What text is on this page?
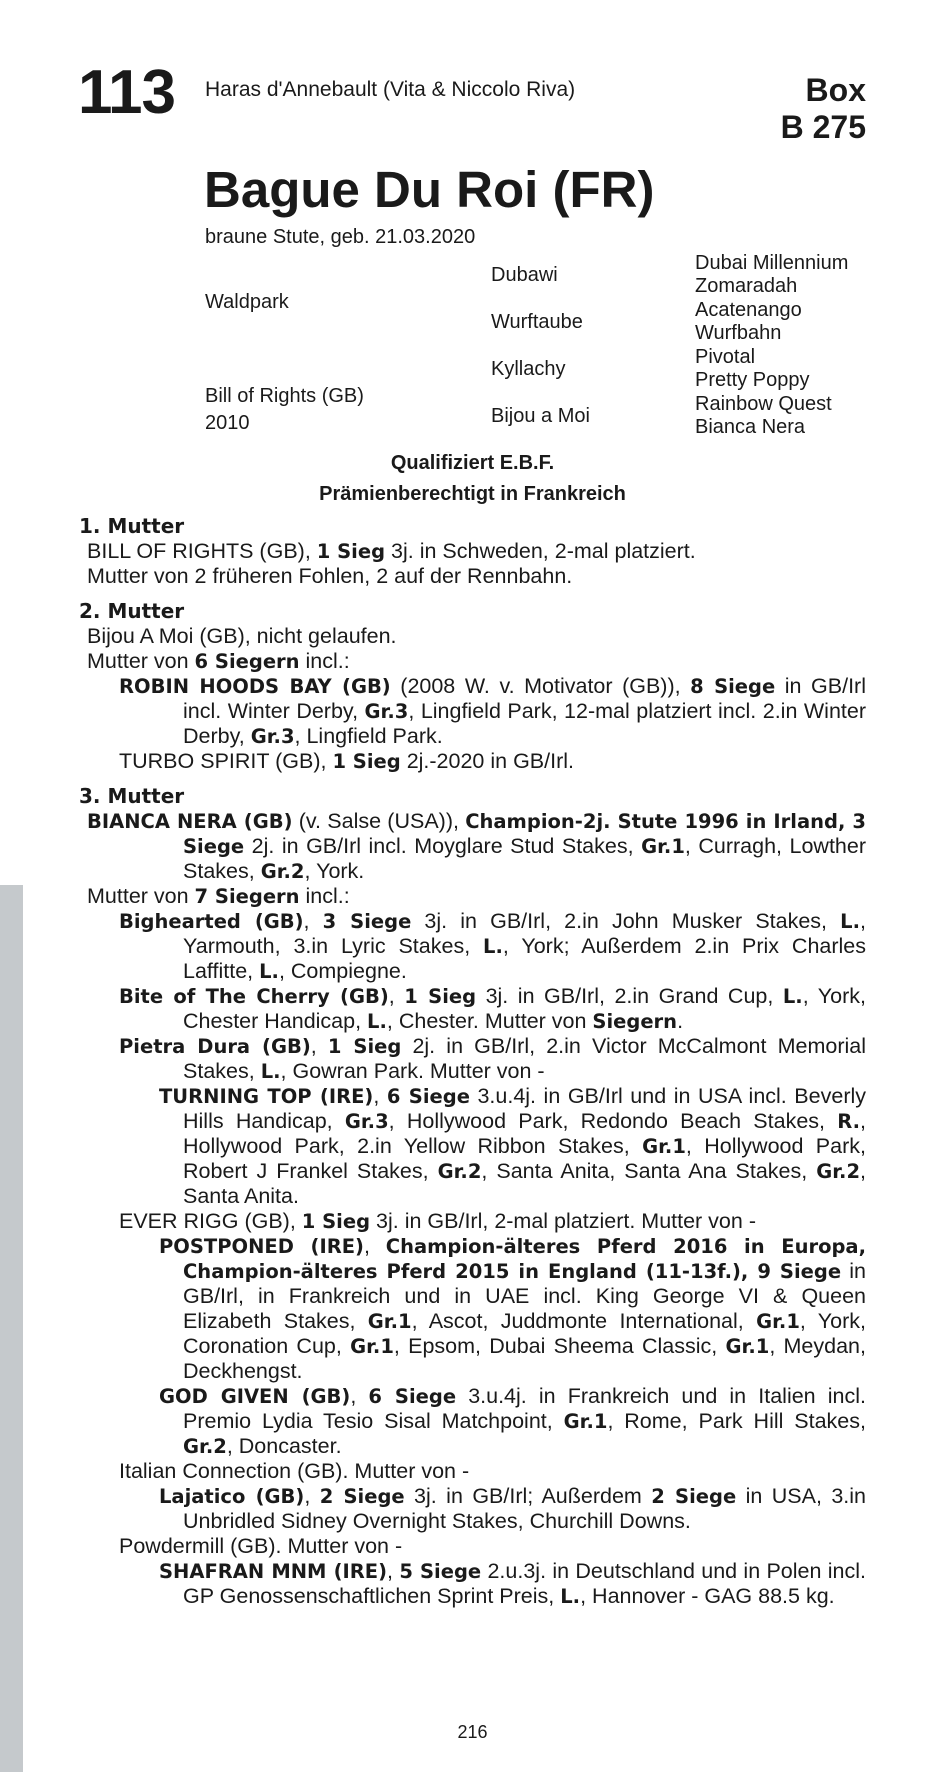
113 Haras d'Annebault (Vita & Niccolo Riva)	Box
B 275
Bague Du Roi (FR)
braune Stute, geb. 21.03.2020
Waldpark
Bill of Rights (GB)
2010
Dubawi
Wurftaube
Kyllachy
Bijou a Moi
Dubai Millennium
Zomaradah
Acatenango
Wurfbahn
Pivotal
Pretty Poppy
Rainbow Quest
Bianca Nera
Qualifiziert E.B.F.
Prämienberechtigt in Frankreich
1. Mutter

BILL OF RIGHTS (GB), 1 Sieg 3j. in Schweden, 2-mal platziert.

Mutter von 2 früheren Fohlen, 2 auf der Rennbahn.

2. Mutter

Bijou A Moi (GB), nicht gelaufen.

Mutter von 6 Siegern incl.:

ROBIN HOODS BAY (GB) (2008 W. v. Motivator (GB)), 8 Siege in GB/Irl incl. Winter Derby, Gr.3, Lingfield Park, 12-mal platziert incl. 2.in Winter Derby, Gr.3, Lingfield Park.

TURBO SPIRIT (GB), 1 Sieg 2j.-2020 in GB/Irl.

3. Mutter

BIANCA NERA (GB) (v. Salse (USA)), Champion-2j. Stute 1996 in Irland, 3 Siege 2j. in GB/Irl incl. Moyglare Stud Stakes, Gr.1, Curragh, Lowther Stakes, Gr.2, York.

Mutter von 7 Siegern incl.:

Bighearted (GB), 3 Siege 3j. in GB/Irl, 2.in John Musker Stakes, L., Yarmouth, 3.in Lyric Stakes, L., York; Außerdem 2.in Prix Charles Laffitte, L., Compiegne.

Bite of The Cherry (GB), 1 Sieg 3j. in GB/Irl, 2.in Grand Cup, L., York, Chester Handicap, L., Chester. Mutter von Siegern.

Pietra Dura (GB), 1 Sieg 2j. in GB/Irl, 2.in Victor McCalmont Memorial Stakes, L., Gowran Park. Mutter von -

TURNING TOP (IRE), 6 Siege 3.u.4j. in GB/Irl und in USA incl. Beverly Hills Handicap, Gr.3, Hollywood Park, Redondo Beach Stakes, R., Hollywood Park, 2.in Yellow Ribbon Stakes, Gr.1, Hollywood Park, Robert J Frankel Stakes, Gr.2, Santa Anita, Santa Ana Stakes, Gr.2, Santa Anita.

EVER RIGG (GB), 1 Sieg 3j. in GB/Irl, 2-mal platziert. Mutter von -

POSTPONED (IRE), Champion-älteres Pferd 2016 in Europa, Champion-älteres Pferd 2015 in England (11-13f.), 9 Siege in GB/Irl, in Frankreich und in UAE incl. King George VI & Queen Elizabeth Stakes, Gr.1, Ascot, Juddmonte International, Gr.1, York, Coronation Cup, Gr.1, Epsom, Dubai Sheema Classic, Gr.1, Meydan, Deckhengst.

GOD GIVEN (GB), 6 Siege 3.u.4j. in Frankreich und in Italien incl. Premio Lydia Tesio Sisal Matchpoint, Gr.1, Rome, Park Hill Stakes, Gr.2, Doncaster.

Italian Connection (GB). Mutter von -

Lajatico (GB), 2 Siege 3j. in GB/Irl; Außerdem 2 Siege in USA, 3.in Unbridled Sidney Overnight Stakes, Churchill Downs.

Powdermill (GB). Mutter von -

SHAFRAN MNM (IRE), 5 Siege 2.u.3j. in Deutschland und in Polen incl. GP Genossenschaftlichen Sprint Preis, L., Hannover - GAG 88.5 kg.

216
